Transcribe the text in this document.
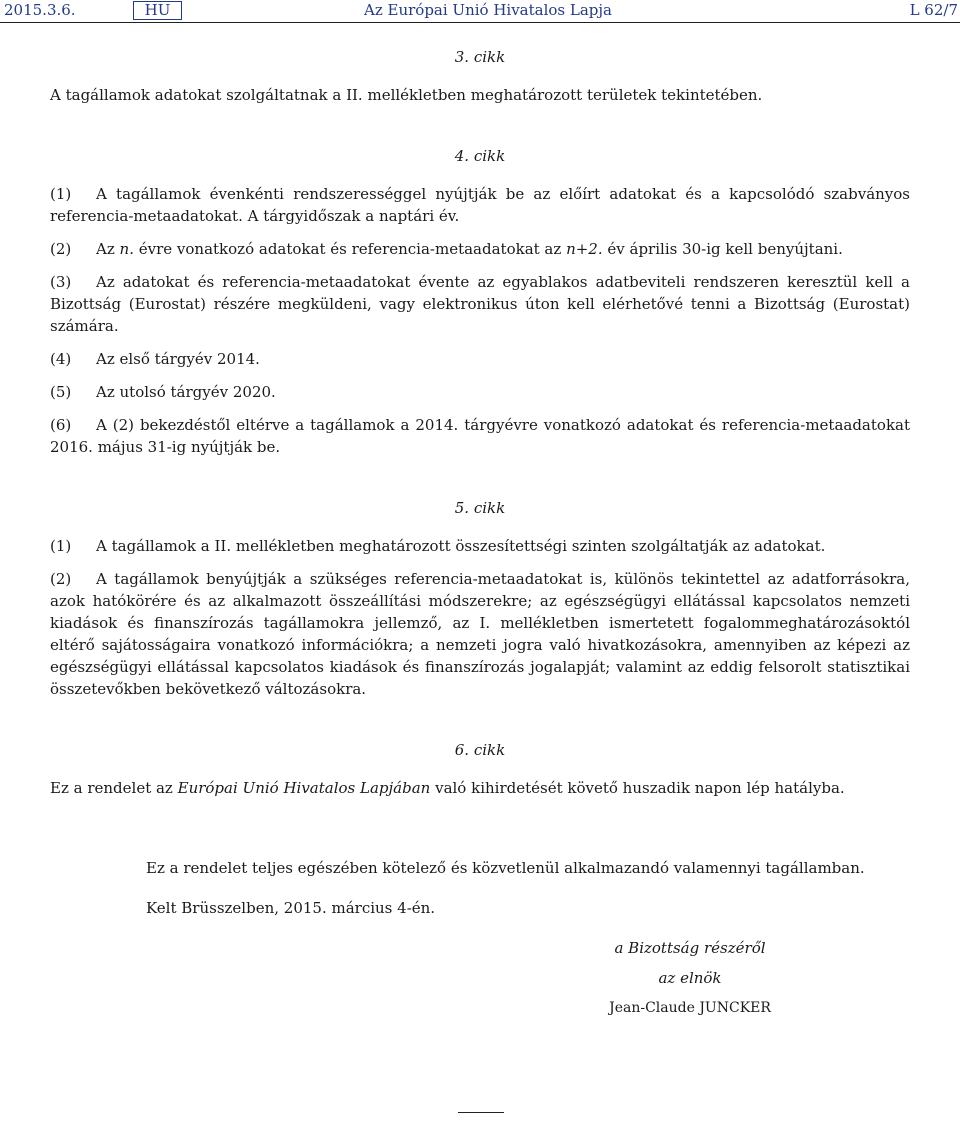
2015.3.6.	HU	Az Európai Unió Hivatalos Lapja	L 62/7
3. cikk

A tagállamok adatokat szolgáltatnak a II. mellékletben meghatározott területek tekintetében.

4. cikk

(1) A tagállamok évenkénti rendszerességgel nyújtják be az előírt adatokat és a kapcsolódó szabványos referencia-metaadatokat. A tárgyidőszak a naptári év.

(2) Az n. évre vonatkozó adatokat és referencia-metaadatokat az n+2. év április 30-ig kell benyújtani.

(3) Az adatokat és referencia-metaadatokat évente az egyablakos adatbeviteli rendszeren keresztül kell a Bizottság (Eurostat) részére megküldeni, vagy elektronikus úton kell elérhetővé tenni a Bizottság (Eurostat) számára.

(4) Az első tárgyév 2014.

(5) Az utolsó tárgyév 2020.

(6) A (2) bekezdéstől eltérve a tagállamok a 2014. tárgyévre vonatkozó adatokat és referencia-metaadatokat 2016. május 31-ig nyújtják be.

5. cikk

(1) A tagállamok a II. mellékletben meghatározott összesítettségi szinten szolgáltatják az adatokat.

(2) A tagállamok benyújtják a szükséges referencia-metaadatokat is, különös tekintettel az adatforrásokra, azok hatókörére és az alkalmazott összeállítási módszerekre; az egészségügyi ellátással kapcsolatos nemzeti kiadások és finanszírozás tagállamokra jellemző, az I. mellékletben ismertetett fogalommeghatározásoktól eltérő sajátosságaira vonatkozó információkra; a nemzeti jogra való hivatkozásokra, amennyiben az képezi az egészségügyi ellátással kapcsolatos kiadások és finanszírozás jogalapját; valamint az eddig felsorolt statisztikai összetevőkben bekövetkező változásokra.

6. cikk

Ez a rendelet az Európai Unió Hivatalos Lapjában való kihirdetését követő huszadik napon lép hatályba.

Ez a rendelet teljes egészében kötelező és közvetlenül alkalmazandó valamennyi tagállamban.

Kelt Brüsszelben, 2015. március 4-én.

a Bizottság részéről

az elnök

Jean-Claude JUNCKER
